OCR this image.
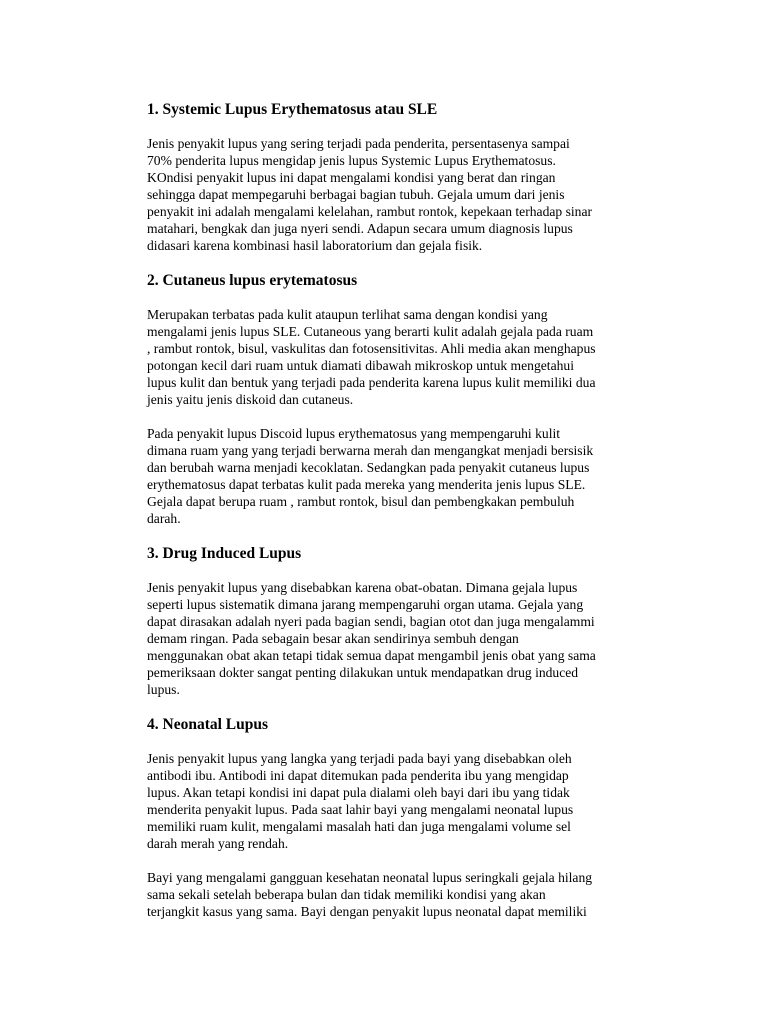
1. Systemic Lupus Erythematosus atau SLE
Jenis penyakit lupus yang sering terjadi pada penderita, persentasenya sampai
70% penderita lupus mengidap jenis lupus Systemic Lupus Erythematosus.
KOndisi penyakit lupus ini dapat mengalami kondisi yang berat dan ringan
sehingga dapat mempegaruhi berbagai bagian tubuh. Gejala umum dari jenis
penyakit ini adalah mengalami kelelahan, rambut rontok, kepekaan terhadap sinar
matahari, bengkak dan juga nyeri sendi. Adapun secara umum diagnosis lupus
didasari karena kombinasi hasil laboratorium dan gejala fisik.
2. Cutaneus lupus erytematosus
Merupakan terbatas pada kulit ataupun terlihat sama dengan kondisi yang
mengalami jenis lupus SLE. Cutaneous yang berarti kulit adalah gejala pada ruam
, rambut rontok, bisul, vaskulitas dan fotosensitivitas. Ahli media akan menghapus
potongan kecil dari ruam untuk diamati dibawah mikroskop untuk mengetahui
lupus kulit dan bentuk yang terjadi pada penderita karena lupus kulit memiliki dua
jenis yaitu jenis diskoid dan cutaneus.
Pada penyakit lupus Discoid lupus erythematosus yang mempengaruhi kulit
dimana ruam yang yang terjadi berwarna merah dan mengangkat menjadi bersisik
dan berubah warna menjadi kecoklatan. Sedangkan pada penyakit cutaneus lupus
erythematosus dapat terbatas kulit pada mereka yang menderita jenis lupus SLE.
Gejala dapat berupa ruam , rambut rontok, bisul dan pembengkakan pembuluh
darah.
3. Drug Induced Lupus
Jenis penyakit lupus yang disebabkan karena obat-obatan. Dimana gejala lupus
seperti lupus sistematik dimana jarang mempengaruhi organ utama. Gejala yang
dapat dirasakan adalah nyeri pada bagian sendi, bagian otot dan juga mengalammi
demam ringan. Pada sebagain besar akan sendirinya sembuh dengan
menggunakan obat akan tetapi tidak semua dapat mengambil jenis obat yang sama
pemeriksaan dokter sangat penting dilakukan untuk mendapatkan drug induced
lupus.
4. Neonatal Lupus
Jenis penyakit lupus yang langka yang terjadi pada bayi yang disebabkan oleh
antibodi ibu. Antibodi ini dapat ditemukan pada penderita ibu yang mengidap
lupus. Akan tetapi kondisi ini dapat pula dialami oleh bayi dari ibu yang tidak
menderita penyakit lupus. Pada saat lahir bayi yang mengalami neonatal lupus
memiliki ruam kulit, mengalami masalah hati dan juga mengalami volume sel
darah merah yang rendah.
Bayi yang mengalami gangguan kesehatan neonatal lupus seringkali gejala hilang
sama sekali setelah beberapa bulan dan tidak memiliki kondisi yang akan
terjangkit kasus yang sama. Bayi dengan penyakit lupus neonatal dapat memiliki
